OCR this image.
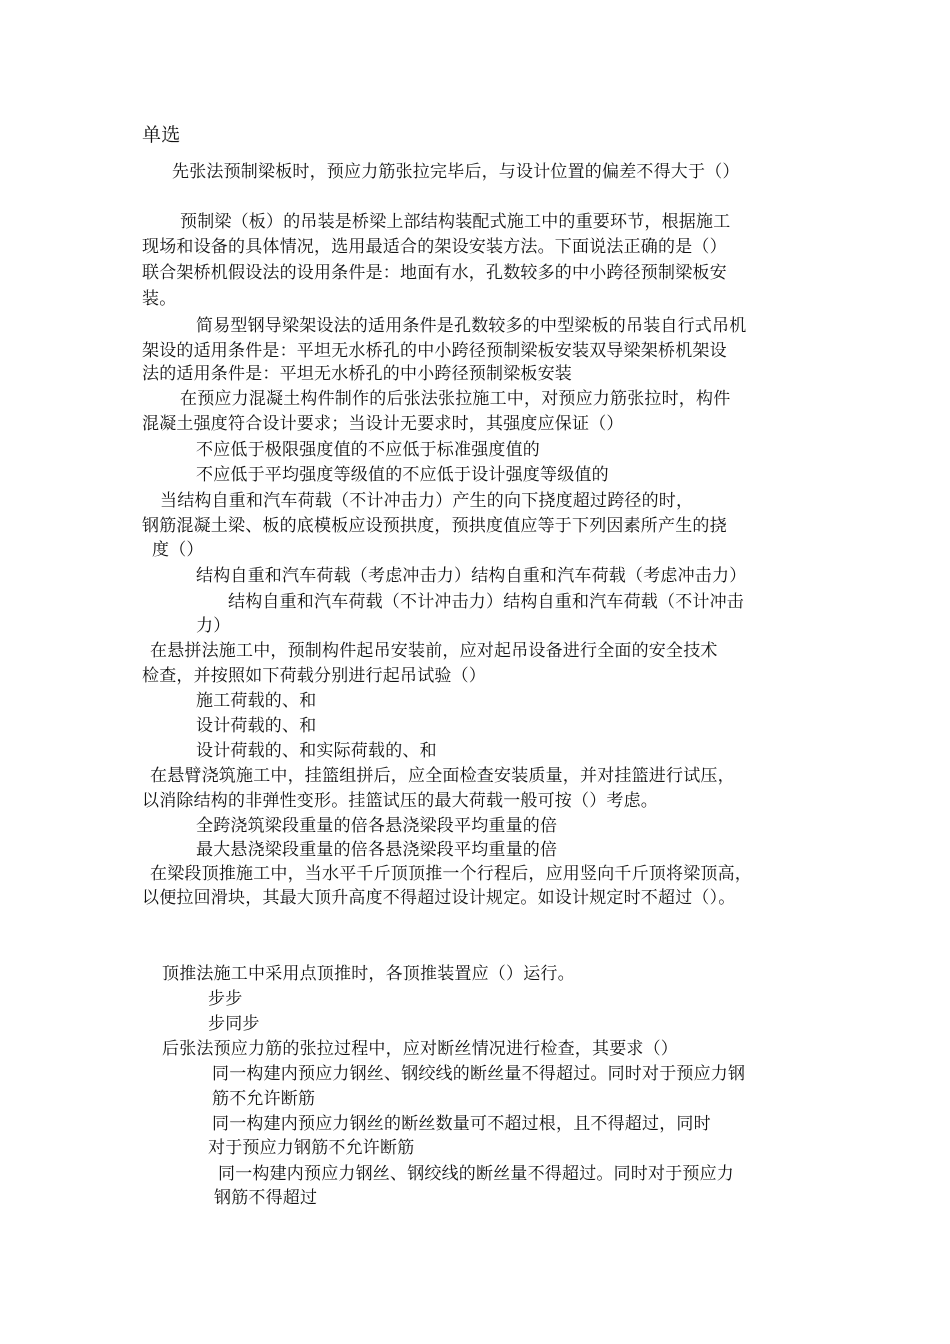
单选

先张法预制梁板时，预应力筋张拉完毕后，与设计位置的偏差不得大于（）

预制梁（板）的吊装是桥梁上部结构装配式施工中的重要环节，根据施工

现场和设备的具体情况，选用最适合的架设安装方法。下面说法正确的是（）

联合架桥机假设法的设用条件是：地面有水，孔数较多的中小跨径预制梁板安

装。

简易型钢导梁架设法的适用条件是孔数较多的中型梁板的吊装自行式吊机

架设的适用条件是：平坦无水桥孔的中小跨径预制梁板安装双导梁架桥机架设

法的适用条件是：平坦无水桥孔的中小跨径预制梁板安装

在预应力混凝土构件制作的后张法张拉施工中，对预应力筋张拉时，构件

混凝土强度符合设计要求；当设计无要求时，其强度应保证（）

不应低于极限强度值的不应低于标准强度值的

不应低于平均强度等级值的不应低于设计强度等级值的

当结构自重和汽车荷载（不计冲击力）产生的向下挠度超过跨径的时，

钢筋混凝土梁、板的底模板应设预拱度，预拱度值应等于下列因素所产生的挠

度（）

结构自重和汽车荷载（考虑冲击力）结构自重和汽车荷载（考虑冲击力）

结构自重和汽车荷载（不计冲击力）结构自重和汽车荷载（不计冲击

力）

在悬拼法施工中，预制构件起吊安装前，应对起吊设备进行全面的安全技术

检查，并按照如下荷载分别进行起吊试验（）

施工荷载的、和

设计荷载的、和

设计荷载的、和实际荷载的、和

在悬臂浇筑施工中，挂篮组拼后，应全面检查安装质量，并对挂篮进行试压，

以消除结构的非弹性变形。挂篮试压的最大荷载一般可按（）考虑。

全跨浇筑梁段重量的倍各悬浇梁段平均重量的倍

最大悬浇梁段重量的倍各悬浇梁段平均重量的倍

在梁段顶推施工中，当水平千斤顶顶推一个行程后，应用竖向千斤顶将梁顶高，

以便拉回滑块，其最大顶升高度不得超过设计规定。如设计规定时不超过（）。

顶推法施工中采用点顶推时，各顶推装置应（）运行。

步步

步同步

后张法预应力筋的张拉过程中，应对断丝情况进行检查，其要求（）

同一构建内预应力钢丝、钢绞线的断丝量不得超过。同时对于预应力钢

筋不允许断筋

同一构建内预应力钢丝的断丝数量可不超过根，且不得超过，同时

对于预应力钢筋不允许断筋

同一构建内预应力钢丝、钢绞线的断丝量不得超过。同时对于预应力

钢筋不得超过
